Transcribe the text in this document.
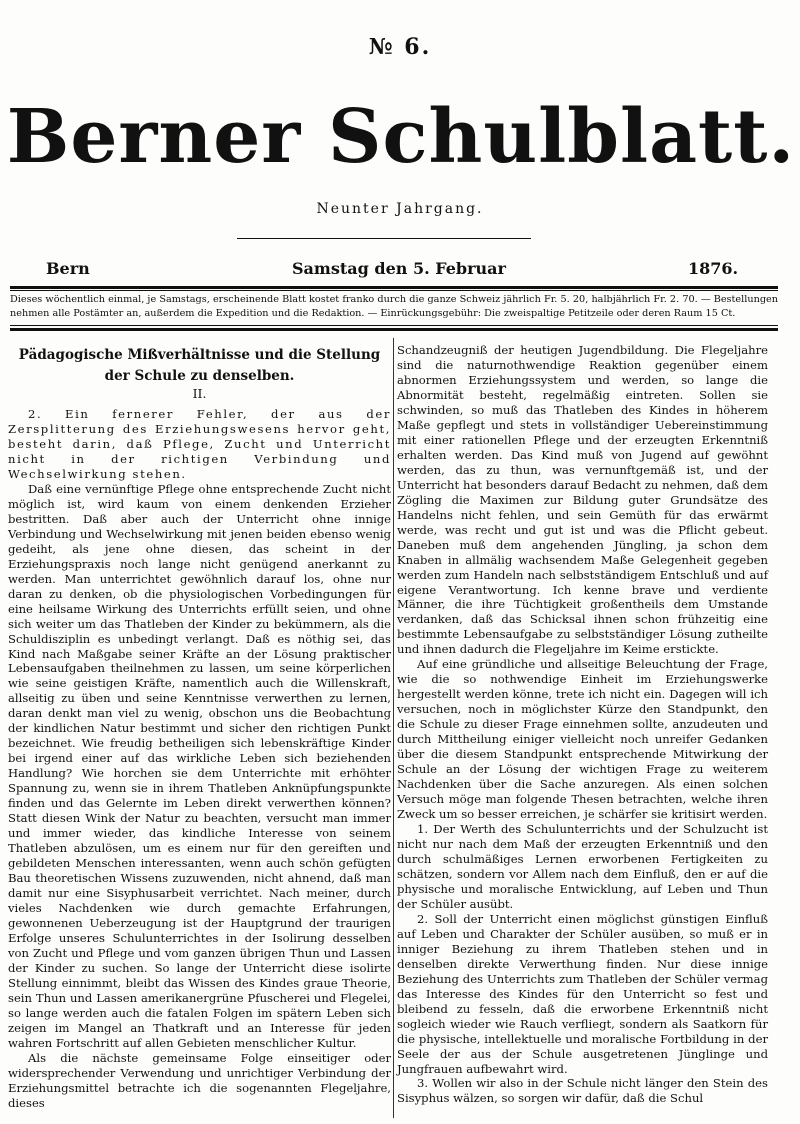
№ 6.
Berner Schulblatt.
Neunter Jahrgang.
Bern	Samstag den 5. Februar	1876.
Dieses wöchentlich einmal, je Samstags, erscheinende Blatt kostet franko durch die ganze Schweiz jährlich Fr. 5. 20, halbjährlich Fr. 2. 70. — Bestellungen nehmen alle Postämter an, außerdem die Expedition und die Redaktion. — Einrückungsgebühr: Die zweispaltige Petitzeile oder deren Raum 15 Ct.
Pädagogische Mißverhältnisse und die Stellung
der Schule zu denselben.
II.

2. Ein fernerer Fehler, der aus der Zersplitterung des Erziehungswesens hervor geht, besteht darin, daß Pflege, Zucht und Unterricht nicht in der richtigen Verbindung und Wechselwirkung stehen.

Daß eine vernünftige Pflege ohne entsprechende Zucht nicht möglich ist, wird kaum von einem denkenden Erzieher bestritten. Daß aber auch der Unterricht ohne innige Verbindung und Wechselwirkung mit jenen beiden ebenso wenig gedeiht, als jene ohne diesen, das scheint in der Erziehungspraxis noch lange nicht genügend anerkannt zu werden. Man unterrichtet gewöhnlich darauf los, ohne nur daran zu denken, ob die physiologischen Vorbedingungen für eine heilsame Wirkung des Unterrichts erfüllt seien, und ohne sich weiter um das Thatleben der Kinder zu bekümmern, als die Schuldisziplin es unbedingt verlangt. Daß es nöthig sei, das Kind nach Maßgabe seiner Kräfte an der Lösung praktischer Lebensaufgaben theilnehmen zu lassen, um seine körperlichen wie seine geistigen Kräfte, namentlich auch die Willenskraft, allseitig zu üben und seine Kenntnisse verwerthen zu lernen, daran denkt man viel zu wenig, obschon uns die Beobachtung der kindlichen Natur bestimmt und sicher den richtigen Punkt bezeichnet. Wie freudig betheiligen sich lebenskräftige Kinder bei irgend einer auf das wirkliche Leben sich beziehenden Handlung? Wie horchen sie dem Unterrichte mit erhöhter Spannung zu, wenn sie in ihrem Thatleben Anknüpfungspunkte finden und das Gelernte im Leben direkt verwerthen können? Statt diesen Wink der Natur zu beachten, versucht man immer und immer wieder, das kindliche Interesse von seinem Thatleben abzulösen, um es einem nur für den gereiften und gebildeten Menschen interessanten, wenn auch schön gefügten Bau theoretischen Wissens zuzuwenden, nicht ahnend, daß man damit nur eine Sisyphusarbeit verrichtet. Nach meiner, durch vieles Nachdenken wie durch gemachte Erfahrungen, gewonnenen Ueberzeugung ist der Hauptgrund der traurigen Erfolge unseres Schulunterrichtes in der Isolirung desselben von Zucht und Pflege und vom ganzen übrigen Thun und Lassen der Kinder zu suchen. So lange der Unterricht diese isolirte Stellung einnimmt, bleibt das Wissen des Kindes graue Theorie, sein Thun und Lassen amerikanergrüne Pfuscherei und Flegelei, so lange werden auch die fatalen Folgen im spätern Leben sich zeigen im Mangel an Thatkraft und an Interesse für jeden wahren Fortschritt auf allen Gebieten menschlicher Kultur.

Als die nächste gemeinsame Folge einseitiger oder widersprechender Verwendung und unrichtiger Verbindung der Erziehungsmittel betrachte ich die sogenannten Flegeljahre, dieses

Schandzeugniß der heutigen Jugendbildung. Die Flegeljahre sind die naturnothwendige Reaktion gegenüber einem abnormen Erziehungssystem und werden, so lange die Abnormität besteht, regelmäßig eintreten. Sollen sie schwinden, so muß das Thatleben des Kindes in höherem Maße gepflegt und stets in vollständiger Uebereinstimmung mit einer rationellen Pflege und der erzeugten Erkenntniß erhalten werden. Das Kind muß von Jugend auf gewöhnt werden, das zu thun, was vernunftgemäß ist, und der Unterricht hat besonders darauf Bedacht zu nehmen, daß dem Zögling die Maximen zur Bildung guter Grundsätze des Handelns nicht fehlen, und sein Gemüth für das erwärmt werde, was recht und gut ist und was die Pflicht gebeut. Daneben muß dem angehenden Jüngling, ja schon dem Knaben in allmälig wachsendem Maße Gelegenheit gegeben werden zum Handeln nach selbstständigem Entschluß und auf eigene Verantwortung. Ich kenne brave und verdiente Männer, die ihre Tüchtigkeit großentheils dem Umstande verdanken, daß das Schicksal ihnen schon frühzeitig eine bestimmte Lebensaufgabe zu selbstständiger Lösung zutheilte und ihnen dadurch die Flegeljahre im Keime erstickte.

Auf eine gründliche und allseitige Beleuchtung der Frage, wie die so nothwendige Einheit im Erziehungswerke hergestellt werden könne, trete ich nicht ein. Dagegen will ich versuchen, noch in möglichster Kürze den Standpunkt, den die Schule zu dieser Frage einnehmen sollte, anzudeuten und durch Mittheilung einiger vielleicht noch unreifer Gedanken über die diesem Standpunkt entsprechende Mitwirkung der Schule an der Lösung der wichtigen Frage zu weiterem Nachdenken über die Sache anzuregen. Als einen solchen Versuch möge man folgende Thesen betrachten, welche ihren Zweck um so besser erreichen, je schärfer sie kritisirt werden.

1. Der Werth des Schulunterrichts und der Schulzucht ist nicht nur nach dem Maß der erzeugten Erkenntniß und den durch schulmäßiges Lernen erworbenen Fertigkeiten zu schätzen, sondern vor Allem nach dem Einfluß, den er auf die physische und moralische Entwicklung, auf Leben und Thun der Schüler ausübt.

2. Soll der Unterricht einen möglichst günstigen Einfluß auf Leben und Charakter der Schüler ausüben, so muß er in inniger Beziehung zu ihrem Thatleben stehen und in denselben direkte Verwerthung finden. Nur diese innige Beziehung des Unterrichts zum Thatleben der Schüler vermag das Interesse des Kindes für den Unterricht so fest und bleibend zu fesseln, daß die erworbene Erkenntniß nicht sogleich wieder wie Rauch verfliegt, sondern als Saatkorn für die physische, intellektuelle und moralische Fortbildung in der Seele der aus der Schule ausgetretenen Jünglinge und Jungfrauen aufbewahrt wird.

3. Wollen wir also in der Schule nicht länger den Stein des Sisyphus wälzen, so sorgen wir dafür, daß die Schul
